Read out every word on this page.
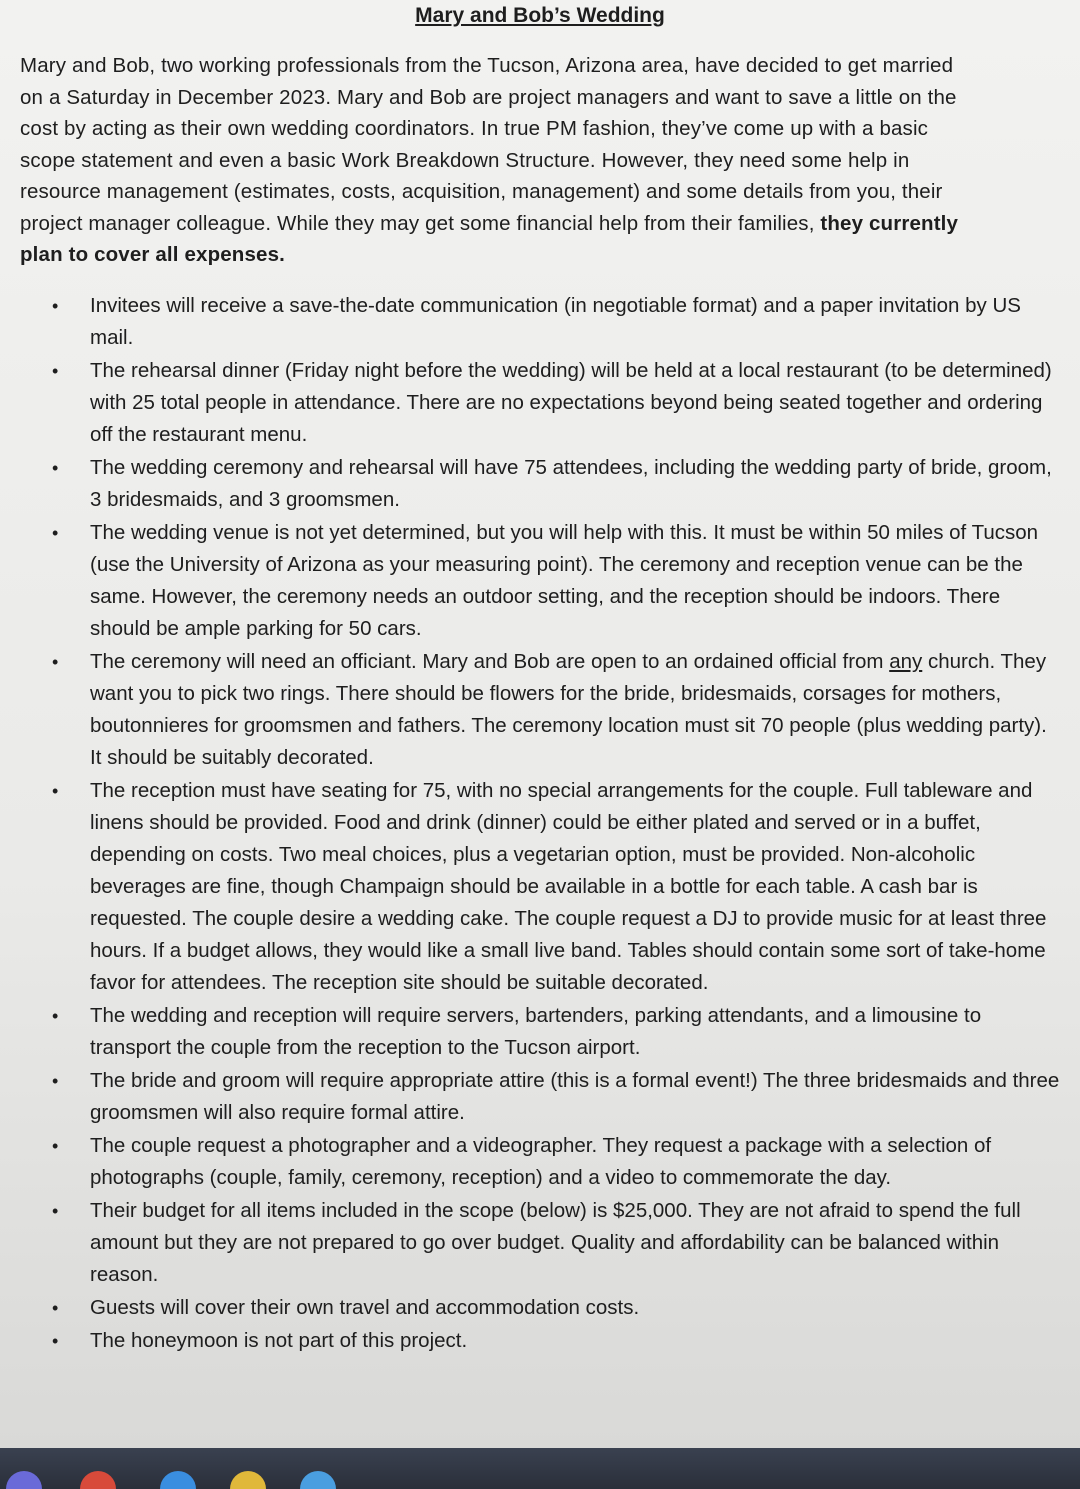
Mary and Bob’s Wedding
Mary and Bob, two working professionals from the Tucson, Arizona area, have decided to get married
on a Saturday in December 2023. Mary and Bob are project managers and want to save a little on the
cost by acting as their own wedding coordinators. In true PM fashion, they’ve come up with a basic
scope statement and even a basic Work Breakdown Structure. However, they need some help in
resource management (estimates, costs, acquisition, management) and some details from you, their
project manager colleague. While they may get some financial help from their families, they currently
plan to cover all expenses.
• Invitees will receive a save-the-date communication (in negotiable format) and a paper invitation by US mail.
• The rehearsal dinner (Friday night before the wedding) will be held at a local restaurant (to be determined) with 25 total people in attendance. There are no expectations beyond being seated together and ordering off the restaurant menu.
• The wedding ceremony and rehearsal will have 75 attendees, including the wedding party of bride, groom, 3 bridesmaids, and 3 groomsmen.
• The wedding venue is not yet determined, but you will help with this. It must be within 50 miles of Tucson (use the University of Arizona as your measuring point). The ceremony and reception venue can be the same. However, the ceremony needs an outdoor setting, and the reception should be indoors. There should be ample parking for 50 cars.
• The ceremony will need an officiant. Mary and Bob are open to an ordained official from any church. They want you to pick two rings. There should be flowers for the bride, bridesmaids, corsages for mothers, boutonnieres for groomsmen and fathers. The ceremony location must sit 70 people (plus wedding party). It should be suitably decorated.
• The reception must have seating for 75, with no special arrangements for the couple. Full tableware and linens should be provided. Food and drink (dinner) could be either plated and served or in a buffet, depending on costs. Two meal choices, plus a vegetarian option, must be provided. Non-alcoholic beverages are fine, though Champaign should be available in a bottle for each table. A cash bar is requested. The couple desire a wedding cake. The couple request a DJ to provide music for at least three hours. If a budget allows, they would like a small live band. Tables should contain some sort of take-home favor for attendees. The reception site should be suitable decorated.
• The wedding and reception will require servers, bartenders, parking attendants, and a limousine to transport the couple from the reception to the Tucson airport.
• The bride and groom will require appropriate attire (this is a formal event!) The three bridesmaids and three groomsmen will also require formal attire.
• The couple request a photographer and a videographer. They request a package with a selection of photographs (couple, family, ceremony, reception) and a video to commemorate the day.
• Their budget for all items included in the scope (below) is $25,000. They are not afraid to spend the full amount but they are not prepared to go over budget. Quality and affordability can be balanced within reason.
• Guests will cover their own travel and accommodation costs.
• The honeymoon is not part of this project.
